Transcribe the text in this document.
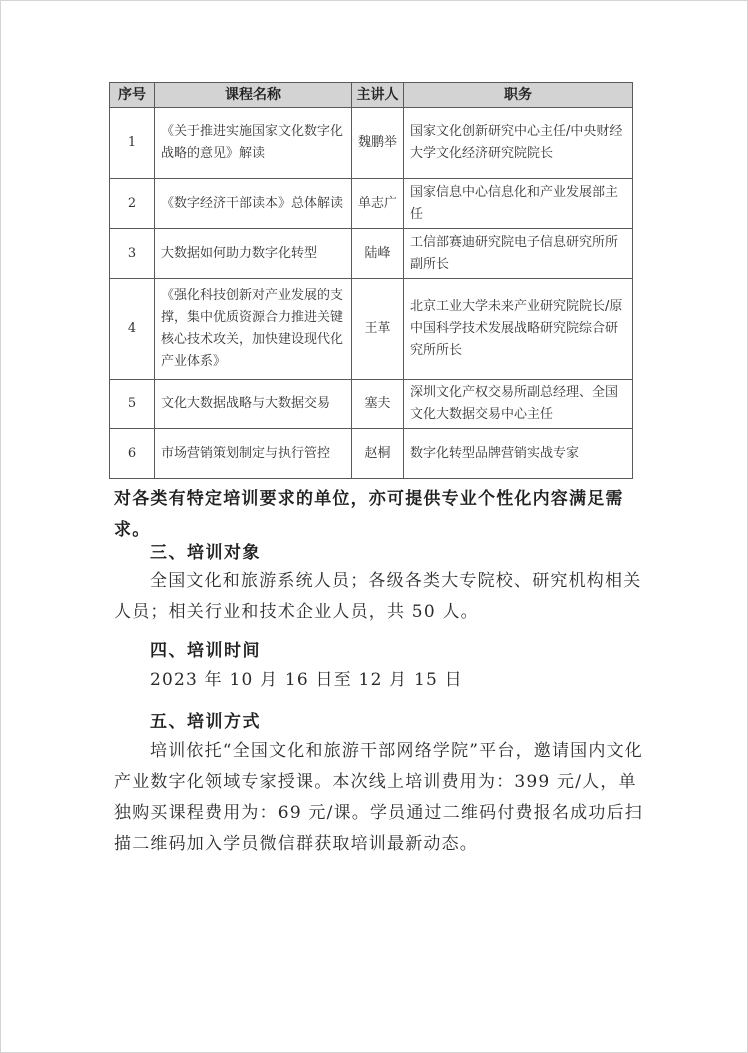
序号	课程名称	主讲人	职务
1	《关于推进实施国家文化数字化战略的意见》解读	魏鹏举	国家文化创新研究中心主任/中央财经大学文化经济研究院院长
2	《数字经济干部读本》总体解读	单志广	国家信息中心信息化和产业发展部主任
3	大数据如何助力数字化转型	陆峰	工信部赛迪研究院电子信息研究所所副所长
4	《强化科技创新对产业发展的支撑，集中优质资源合力推进关键核心技术攻关，加快建设现代化产业体系》	王革	北京工业大学未来产业研究院院长/原中国科学技术发展战略研究院综合研究所所长
5	文化大数据战略与大数据交易	塞夫	深圳文化产权交易所副总经理、全国文化大数据交易中心主任
6	市场营销策划制定与执行管控	赵桐	数字化转型品牌营销实战专家

对各类有特定培训要求的单位，亦可提供专业个性化内容满足需求。

三、培训对象

全国文化和旅游系统人员；各级各类大专院校、研究机构相关人员；相关行业和技术企业人员，共 50 人。

四、培训时间

2023 年 10 月 16 日至 12 月 15 日

五、培训方式

培训依托“全国文化和旅游干部网络学院”平台，邀请国内文化产业数字化领域专家授课。本次线上培训费用为：399 元/人，单独购买课程费用为：69 元/课。学员通过二维码付费报名成功后扫描二维码加入学员微信群获取培训最新动态。
